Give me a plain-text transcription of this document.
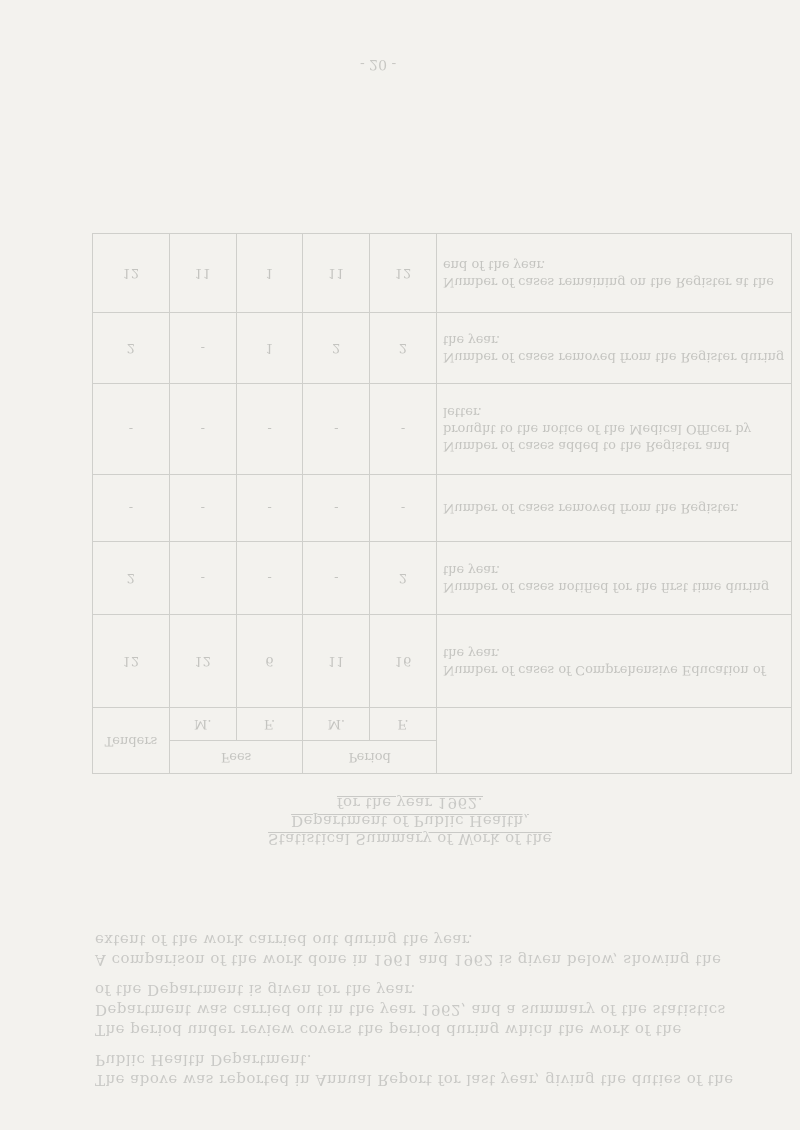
The above was reported in Annual Report for last year, giving the duties of the Public Health Department.

The period under review covers the period during which the work of the Department was carried out in the year 1962, and a summary of the statistics of the Department is given for the year.

A comparison of the work done in 1961 and 1962 is given below, showing the extent of the work carried out during the year.

Statistical Summary of Work of the
Department of Public Health,
for the year 1962.
Tenders	Fees		Period		
	M.	F.	M.	F.	
12	12	6	11	16	Number of cases of Comprehensive Education of the year.
2	-	-	-	2	Number of cases notified for the first time during the year.
-	-	-	-	-	Number of cases removed from the Register.
-	-	-	-	-	Number of cases added to the Register and brought to the notice of the Medical Officer by letter.
2	-	1	2	2	Number of cases removed from the Register during the year.
12	11	1	11	12	Number of cases remaining on the Register at the end of the year.
- 20 -
